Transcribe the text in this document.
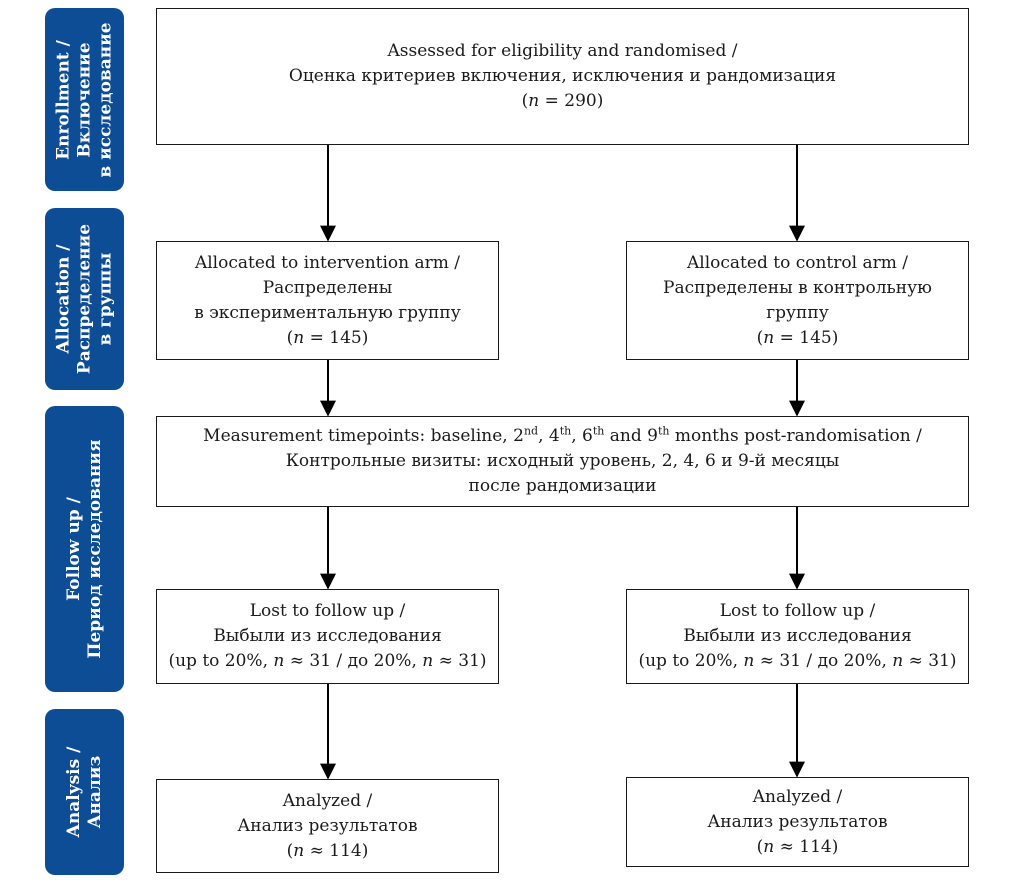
Enrollment / Включение в исследование
Allocation / Распределение в группы
Follow up / Период исследования
Analysis / Анализ
Assessed for eligibility and randomised /
Оценка критериев включения, исключения и рандомизация
(n = 290)
Allocated to intervention arm /
Распределены
в экспериментальную группу
(n = 145)
Allocated to control arm /
Распределены в контрольную
группу
(n = 145)
Measurement timepoints: baseline, 2nd, 4th, 6th and 9th months post-randomisation /
Контрольные визиты: исходный уровень, 2, 4, 6 и 9-й месяцы
после рандомизации
Lost to follow up /
Выбыли из исследования
(up to 20%, n ≈ 31 / до 20%, n ≈ 31)
Lost to follow up /
Выбыли из исследования
(up to 20%, n ≈ 31 / до 20%, n ≈ 31)
Analyzed /
Анализ результатов
(n ≈ 114)
Analyzed /
Анализ результатов
(n ≈ 114)
